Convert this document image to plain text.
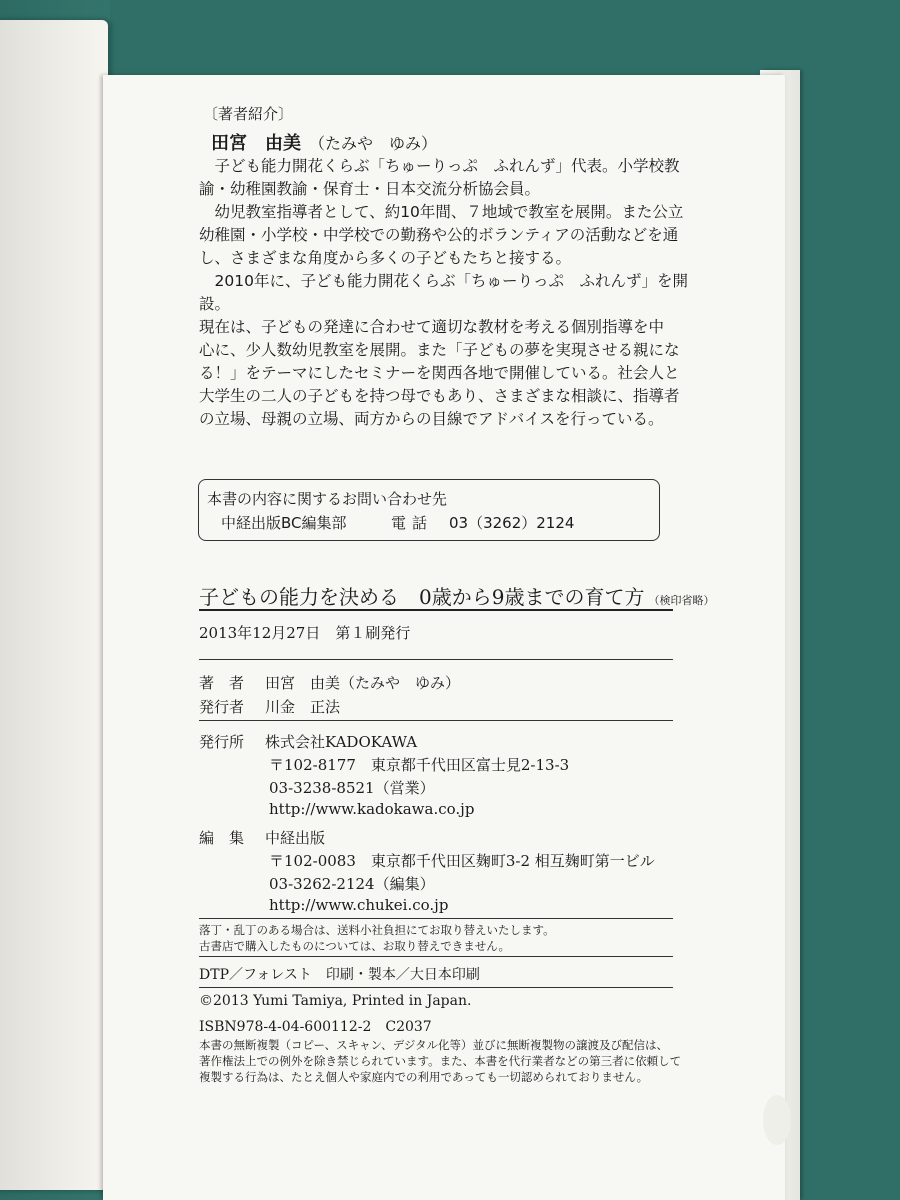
〔著者紹介〕
田宮　由美 （たみや　ゆみ）

　子ども能力開花くらぶ「ちゅーりっぷ　ふれんず」代表。小学校教

諭・幼稚園教諭・保育士・日本交流分析協会員。

　幼児教室指導者として、約10年間、７地域で教室を展開。また公立

幼稚園・小学校・中学校での勤務や公的ボランティアの活動などを通

し、さまざまな角度から多くの子どもたちと接する。

　2010年に、子ども能力開花くらぶ「ちゅーりっぷ　ふれんず」を開設。

現在は、子どもの発達に合わせて適切な教材を考える個別指導を中

心に、少人数幼児教室を展開。また「子どもの夢を実現させる親にな

る！」をテーマにしたセミナーを関西各地で開催している。社会人と

大学生の二人の子どもを持つ母でもあり、さまざまな相談に、指導者

の立場、母親の立場、両方からの目線でアドバイスを行っている。

本書の内容に関するお問い合わせ先
中経出版BC編集部	電話 03（3262）2124
子どもの能力を決める　0歳から9歳までの育て方 （検印省略）
2013年12月27日　第１刷発行
著　者 田宮　由美（たみや　ゆみ）
発行者 川金　正法
発行所 株式会社KADOKAWA
〒102-8177　東京都千代田区富士見2-13-3
03-3238-8521（営業）
http://www.kadokawa.co.jp
編　集 中経出版
〒102-0083　東京都千代田区麹町3-2 相互麹町第一ビル
03-3262-2124（編集）
http://www.chukei.co.jp
落丁・乱丁のある場合は、送料小社負担にてお取り替えいたします。
古書店で購入したものについては、お取り替えできません。
DTP／フォレスト　印刷・製本／大日本印刷
©2013 Yumi Tamiya, Printed in Japan.
ISBN978-4-04-600112-2　C2037
本書の無断複製（コピー、スキャン、デジタル化等）並びに無断複製物の譲渡及び配信は、
著作権法上での例外を除き禁じられています。また、本書を代行業者などの第三者に依頼して
複製する行為は、たとえ個人や家庭内での利用であっても一切認められておりません。
